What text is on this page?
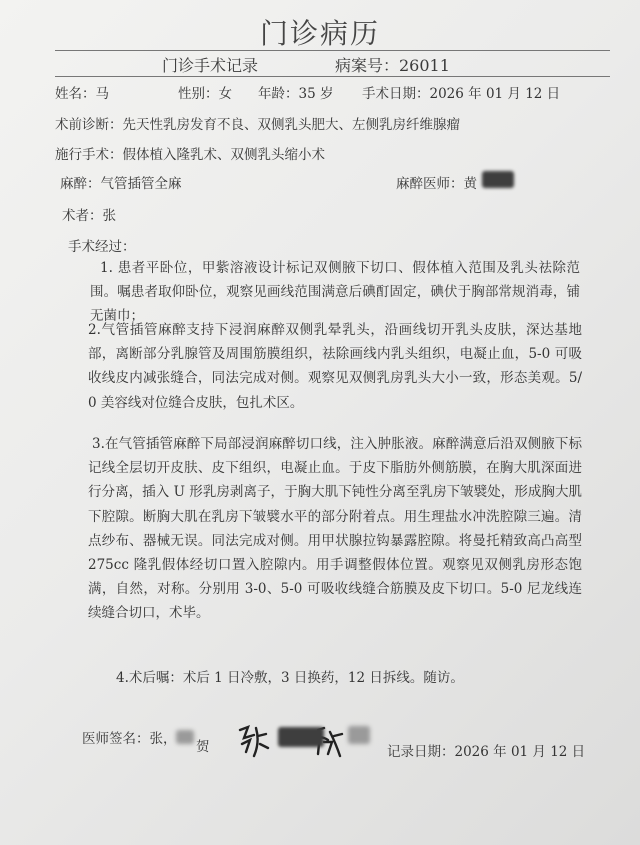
门诊病历
门诊手术记录	病案号：26011
姓名：马	性别：女 年龄：35 岁 手术日期：2026 年 01 月 12 日
术前诊断：先天性乳房发育不良、双侧乳头肥大、左侧乳房纤维腺瘤
施行手术：假体植入隆乳术、双侧乳头缩小术
麻醉：气管插管全麻	麻醉医师：黄
术者：张
手术经过：
1. 患者平卧位，甲紫溶液设计标记双侧腋下切口、假体植入范围及乳头祛除范围。嘱患者取仰卧位，观察见画线范围满意后碘酊固定，碘伏于胸部常规消毒，铺无菌巾；
2.气管插管麻醉支持下浸润麻醉双侧乳晕乳头，沿画线切开乳头皮肤，深达基地部，离断部分乳腺管及周围筋膜组织，祛除画线内乳头组织，电凝止血，5-0 可吸收线皮内减张缝合，同法完成对侧。观察见双侧乳房乳头大小一致，形态美观。5/0 美容线对位缝合皮肤，包扎术区。
3.在气管插管麻醉下局部浸润麻醉切口线，注入肿胀液。麻醉满意后沿双侧腋下标记线全层切开皮肤、皮下组织，电凝止血。于皮下脂肪外侧筋膜，在胸大肌深面进行分离，插入 U 形乳房剥离子，于胸大肌下钝性分离至乳房下皱襞处，形成胸大肌下腔隙。断胸大肌在乳房下皱襞水平的部分附着点。用生理盐水冲洗腔隙三遍。清点纱布、器械无误。同法完成对侧。用甲状腺拉钩暴露腔隙。将曼托精致高凸高型 275cc 隆乳假体经切口置入腔隙内。用手调整假体位置。观察见双侧乳房形态饱满，自然，对称。分别用 3-0、5-0 可吸收线缝合筋膜及皮下切口。5-0 尼龙线连续缝合切口，术毕。
4.术后嘱：术后 1 日冷敷，3 日换药，12 日拆线。随访。
医师签名：张， 贺	记录日期：2026 年 01 月 12 日
